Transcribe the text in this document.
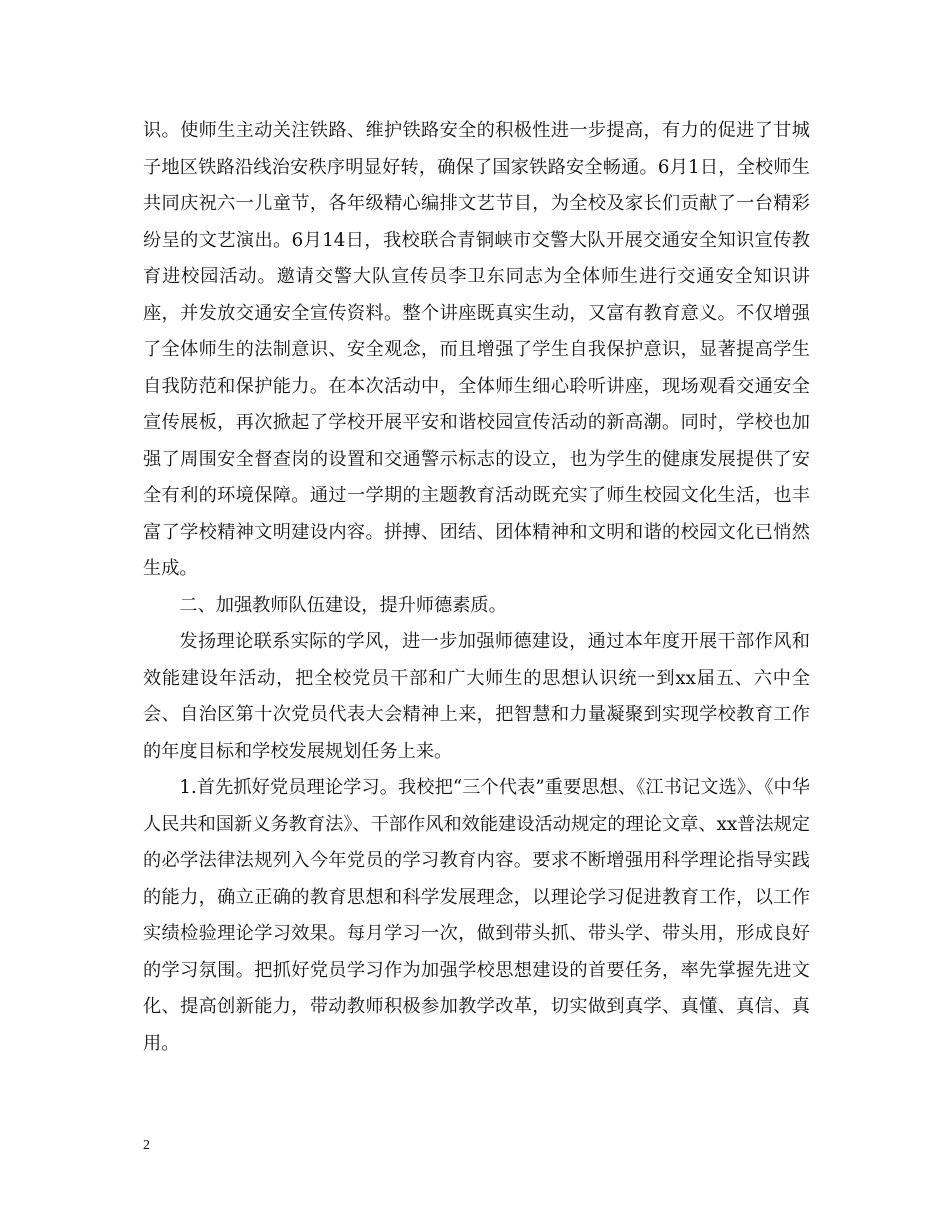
识。使师生主动关注铁路、维护铁路安全的积极性进一步提高，有力的促进了甘城子地区铁路沿线治安秩序明显好转，确保了国家铁路安全畅通。6月1日，全校师生共同庆祝六一儿童节，各年级精心编排文艺节目，为全校及家长们贡献了一台精彩纷呈的文艺演出。6月14日，我校联合青铜峡市交警大队开展交通安全知识宣传教育进校园活动。邀请交警大队宣传员李卫东同志为全体师生进行交通安全知识讲座，并发放交通安全宣传资料。整个讲座既真实生动，又富有教育意义。不仅增强了全体师生的法制意识、安全观念，而且增强了学生自我保护意识，显著提高学生自我防范和保护能力。在本次活动中，全体师生细心聆听讲座，现场观看交通安全宣传展板，再次掀起了学校开展平安和谐校园宣传活动的新高潮。同时，学校也加强了周围安全督查岗的设置和交通警示标志的设立，也为学生的健康发展提供了安全有利的环境保障。通过一学期的主题教育活动既充实了师生校园文化生活，也丰富了学校精神文明建设内容。拼搏、团结、团体精神和文明和谐的校园文化已悄然生成。

二、加强教师队伍建设，提升师德素质。

发扬理论联系实际的学风，进一步加强师德建设，通过本年度开展干部作风和效能建设年活动，把全校党员干部和广大师生的思想认识统一到xx届五、六中全会、自治区第十次党员代表大会精神上来，把智慧和力量凝聚到实现学校教育工作的年度目标和学校发展规划任务上来。

1.首先抓好党员理论学习。我校把“三个代表”重要思想、《江书记文选》、《中华人民共和国新义务教育法》、干部作风和效能建设活动规定的理论文章、xx普法规定的必学法律法规列入今年党员的学习教育内容。要求不断增强用科学理论指导实践的能力，确立正确的教育思想和科学发展理念，以理论学习促进教育工作，以工作实绩检验理论学习效果。每月学习一次，做到带头抓、带头学、带头用，形成良好的学习氛围。把抓好党员学习作为加强学校思想建设的首要任务，率先掌握先进文化、提高创新能力，带动教师积极参加教学改革，切实做到真学、真懂、真信、真用。

2
